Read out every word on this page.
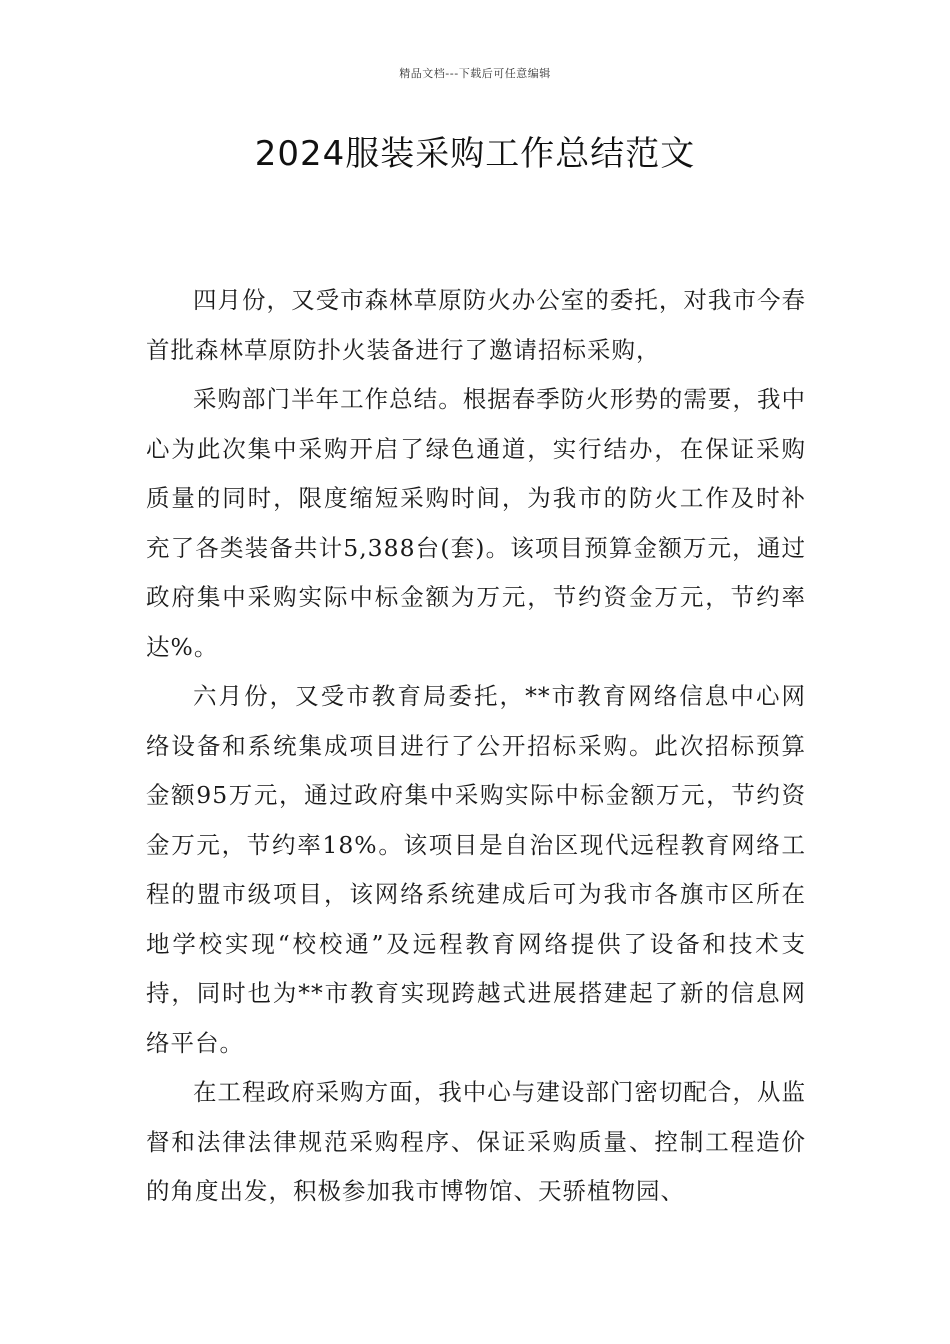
精品文档---下载后可任意编辑
2024服装采购工作总结范文

四月份，又受市森林草原防火办公室的委托，对我市今春首批森林草原防扑火装备进行了邀请招标采购，

采购部门半年工作总结。根据春季防火形势的需要，我中心为此次集中采购开启了绿色通道，实行结办，在保证采购质量的同时，限度缩短采购时间，为我市的防火工作及时补充了各类装备共计5,388台(套)。该项目预算金额万元，通过政府集中采购实际中标金额为万元，节约资金万元，节约率达%。

六月份，又受市教育局委托，**市教育网络信息中心网络设备和系统集成项目进行了公开招标采购。此次招标预算金额95万元，通过政府集中采购实际中标金额万元，节约资金万元，节约率18%。该项目是自治区现代远程教育网络工程的盟市级项目，该网络系统建成后可为我市各旗市区所在地学校实现“校校通”及远程教育网络提供了设备和技术支持，同时也为**市教育实现跨越式进展搭建起了新的信息网络平台。

在工程政府采购方面，我中心与建设部门密切配合，从监督和法律法律规范采购程序、保证采购质量、控制工程造价的角度出发，积极参加我市博物馆、天骄植物园、
